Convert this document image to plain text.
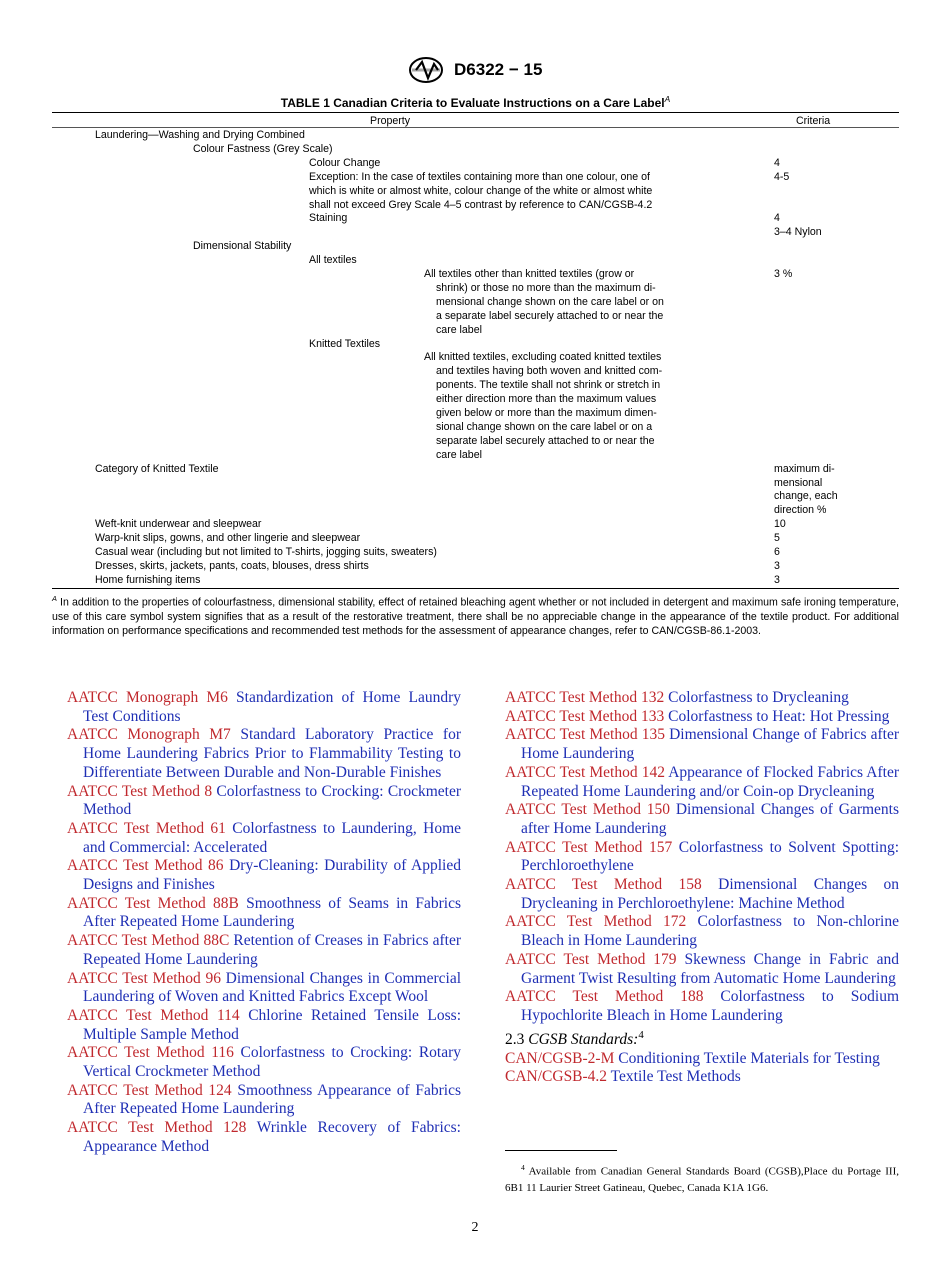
D6322 − 15
TABLE 1 Canadian Criteria to Evaluate Instructions on a Care Label$^A$
Property	Criteria
Laundering—Washing and Drying Combined
Colour Fastness (Grey Scale)
Colour Change	4
Exception: In the case of textiles containing more than one colour, one of	4-5
which is white or almost white, colour change of the white or almost white
shall not exceed Grey Scale 4–5 contrast by reference to CAN/CGSB-4.2
Staining	4
3–4 Nylon
Dimensional Stability
All textiles
All textiles other than knitted textiles (grow or	3 %
shrink) or those no more than the maximum di-
mensional change shown on the care label or on
a separate label securely attached to or near the
care label
Knitted Textiles
All knitted textiles, excluding coated knitted textiles
and textiles having both woven and knitted com-
ponents. The textile shall not shrink or stretch in
either direction more than the maximum values
given below or more than the maximum dimen-
sional change shown on the care label or on a
separate label securely attached to or near the
care label
Category of Knitted Textile	maximum di-
mensional
change, each
direction %
Weft-knit underwear and sleepwear	10
Warp-knit slips, gowns, and other lingerie and sleepwear	5
Casual wear (including but not limited to T-shirts, jogging suits, sweaters)	6
Dresses, skirts, jackets, pants, coats, blouses, dress shirts	3
Home furnishing items	3
$^A$ In addition to the properties of colourfastness, dimensional stability, effect of retained bleaching agent whether or not included in detergent and maximum safe ironing temperature, use of this care symbol system signifies that as a result of the restorative treatment, there shall be no appreciable change in the appearance of the textile product. For additional information on performance specifications and recommended test methods for the assessment of appearance changes, refer to CAN/CGSB-86.1-2003.

AATCC Monograph M6 Standardization of Home Laundry Test Conditions

AATCC Monograph M7 Standard Laboratory Practice for Home Laundering Fabrics Prior to Flammability Testing to Differentiate Between Durable and Non-Durable Finishes

AATCC Test Method 8 Colorfastness to Crocking: Crockmeter Method

AATCC Test Method 61 Colorfastness to Laundering, Home and Commercial: Accelerated

AATCC Test Method 86 Dry-Cleaning: Durability of Applied Designs and Finishes

AATCC Test Method 88B Smoothness of Seams in Fabrics After Repeated Home Laundering

AATCC Test Method 88C Retention of Creases in Fabrics after Repeated Home Laundering

AATCC Test Method 96 Dimensional Changes in Commercial Laundering of Woven and Knitted Fabrics Except Wool

AATCC Test Method 114 Chlorine Retained Tensile Loss: Multiple Sample Method

AATCC Test Method 116 Colorfastness to Crocking: Rotary Vertical Crockmeter Method

AATCC Test Method 124 Smoothness Appearance of Fabrics After Repeated Home Laundering

AATCC Test Method 128 Wrinkle Recovery of Fabrics: Appearance Method

AATCC Test Method 132 Colorfastness to Drycleaning

AATCC Test Method 133 Colorfastness to Heat: Hot Pressing

AATCC Test Method 135 Dimensional Change of Fabrics after Home Laundering

AATCC Test Method 142 Appearance of Flocked Fabrics After Repeated Home Laundering and/or Coin-op Drycleaning

AATCC Test Method 150 Dimensional Changes of Garments after Home Laundering

AATCC Test Method 157 Colorfastness to Solvent Spotting: Perchloroethylene

AATCC Test Method 158 Dimensional Changes on Drycleaning in Perchloroethylene: Machine Method

AATCC Test Method 172 Colorfastness to Non-chlorine Bleach in Home Laundering

AATCC Test Method 179 Skewness Change in Fabric and Garment Twist Resulting from Automatic Home Laundering

AATCC Test Method 188 Colorfastness to Sodium Hypochlorite Bleach in Home Laundering

2.3 CGSB Standards:$^4$

CAN/CGSB-2-M Conditioning Textile Materials for Testing

CAN/CGSB-4.2 Textile Test Methods

$^4$ Available from Canadian General Standards Board (CGSB),Place du Portage III, 6B1 11 Laurier Street Gatineau, Quebec, Canada K1A 1G6.
2
